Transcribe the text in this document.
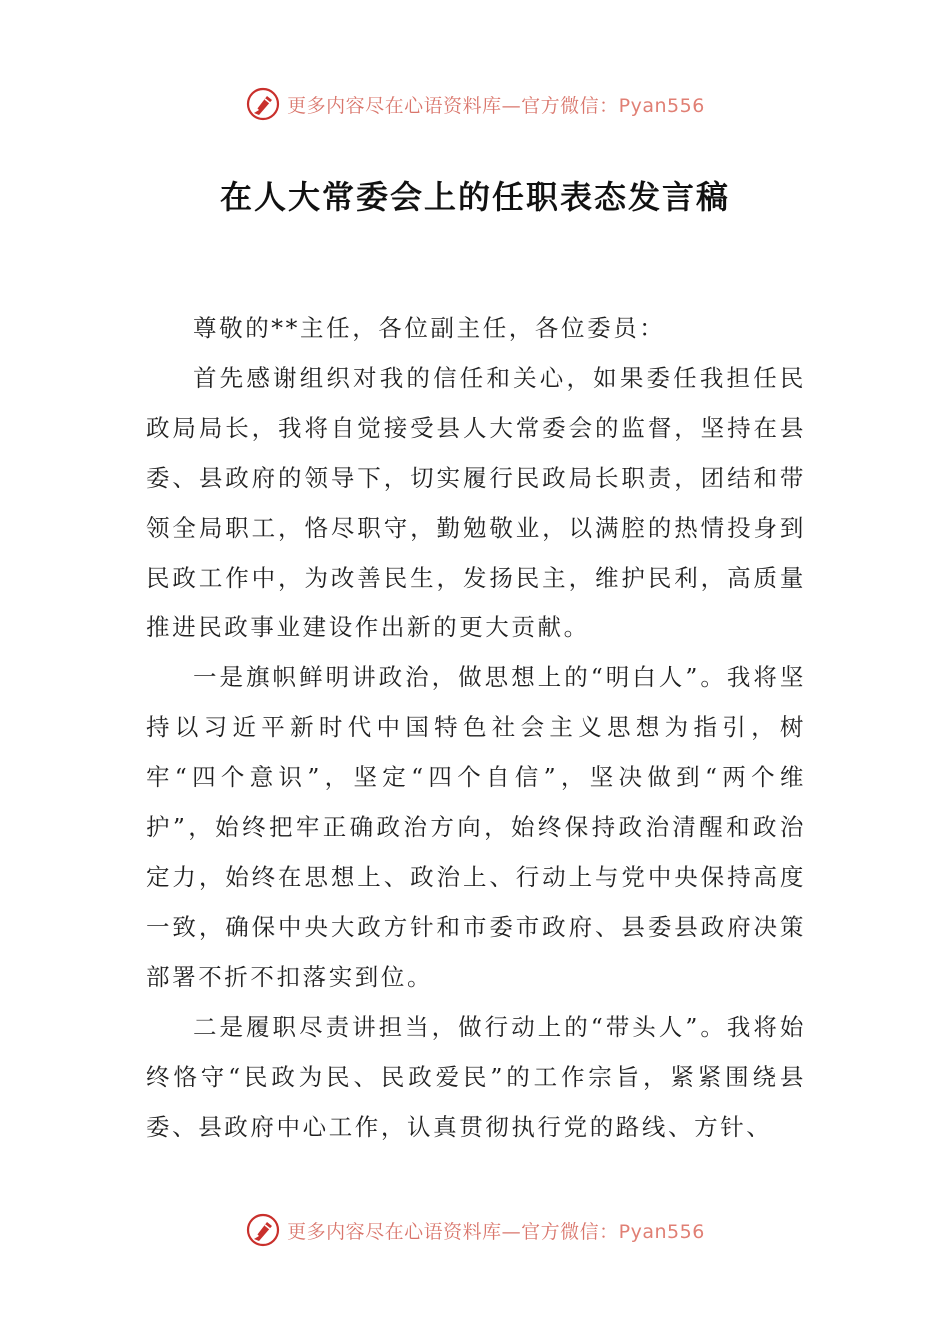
更多内容尽在心语资料库—官方微信：Pyan556
在人大常委会上的任职表态发言稿

尊敬的**主任，各位副主任，各位委员：

首先感谢组织对我的信任和关心，如果委任我担任民政局局长，我将自觉接受县人大常委会的监督，坚持在县委、县政府的领导下，切实履行民政局长职责，团结和带领全局职工，恪尽职守，勤勉敬业，以满腔的热情投身到民政工作中，为改善民生，发扬民主，维护民利，高质量推进民政事业建设作出新的更大贡献。

一是旗帜鲜明讲政治，做思想上的“明白人”。我将坚持以习近平新时代中国特色社会主义思想为指引，树牢“四个意识”，坚定“四个自信”，坚决做到“两个维护”，始终把牢正确政治方向，始终保持政治清醒和政治定力，始终在思想上、政治上、行动上与党中央保持高度一致，确保中央大政方针和市委市政府、县委县政府决策部署不折不扣落实到位。

二是履职尽责讲担当，做行动上的“带头人”。我将始终恪守“民政为民、民政爱民”的工作宗旨，紧紧围绕县委、县政府中心工作，认真贯彻执行党的路线、方针、

更多内容尽在心语资料库—官方微信：Pyan556
